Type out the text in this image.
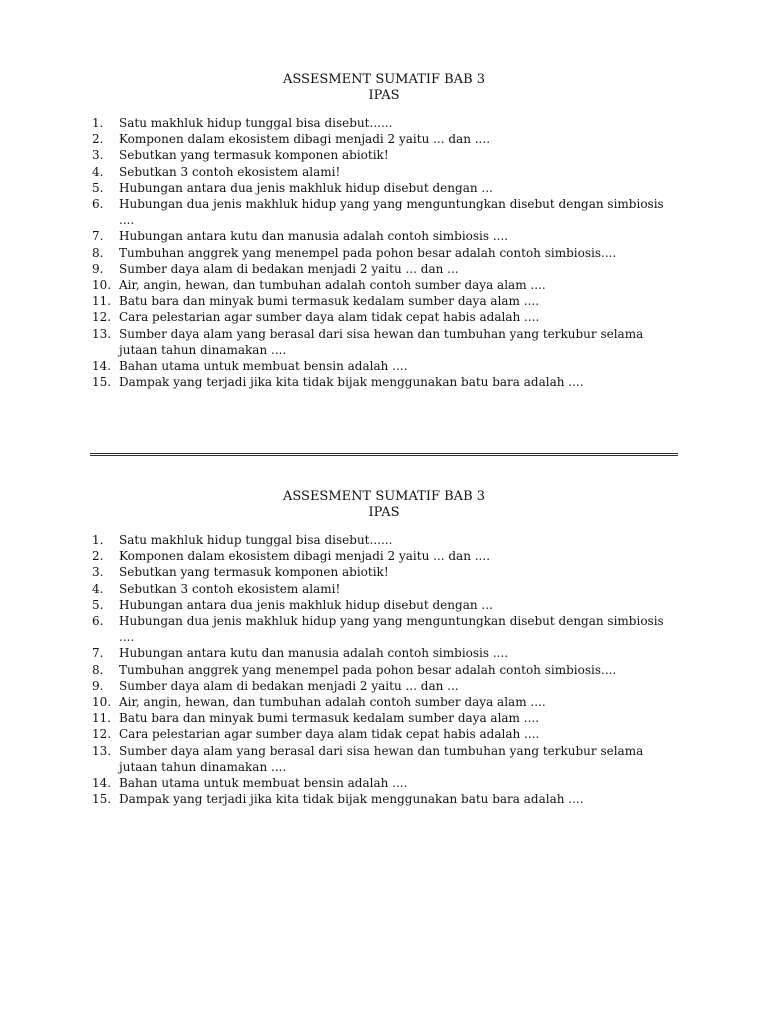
ASSESMENT SUMATIF BAB 3

IPAS

1.	Satu makhluk hidup tunggal bisa disebut......
2.	Komponen dalam ekosistem dibagi menjadi 2 yaitu ... dan ....
3.	Sebutkan yang termasuk komponen abiotik!
4.	Sebutkan 3 contoh ekosistem alami!
5.	Hubungan antara dua jenis makhluk hidup disebut dengan ...
6.	Hubungan dua jenis makhluk hidup yang yang menguntungkan disebut dengan simbiosis ....
7.	Hubungan antara kutu dan manusia adalah contoh simbiosis ....
8.	Tumbuhan anggrek yang menempel pada pohon besar adalah contoh simbiosis....
9.	Sumber daya alam di bedakan menjadi 2 yaitu ... dan ...
10. Air, angin, hewan, dan tumbuhan adalah contoh sumber daya alam ....
11. Batu bara dan minyak bumi termasuk kedalam sumber daya alam ....
12. Cara pelestarian agar sumber daya alam tidak cepat habis adalah ....
13. Sumber daya alam yang berasal dari sisa hewan dan tumbuhan yang terkubur selama jutaan tahun dinamakan ....
14. Bahan utama untuk membuat bensin adalah ....
15. Dampak yang terjadi jika kita tidak bijak menggunakan batu bara adalah ....

ASSESMENT SUMATIF BAB 3

IPAS

1.	Satu makhluk hidup tunggal bisa disebut......
2.	Komponen dalam ekosistem dibagi menjadi 2 yaitu ... dan ....
3.	Sebutkan yang termasuk komponen abiotik!
4.	Sebutkan 3 contoh ekosistem alami!
5.	Hubungan antara dua jenis makhluk hidup disebut dengan ...
6.	Hubungan dua jenis makhluk hidup yang yang menguntungkan disebut dengan simbiosis ....
7.	Hubungan antara kutu dan manusia adalah contoh simbiosis ....
8.	Tumbuhan anggrek yang menempel pada pohon besar adalah contoh simbiosis....
9.	Sumber daya alam di bedakan menjadi 2 yaitu ... dan ...
10. Air, angin, hewan, dan tumbuhan adalah contoh sumber daya alam ....
11. Batu bara dan minyak bumi termasuk kedalam sumber daya alam ....
12. Cara pelestarian agar sumber daya alam tidak cepat habis adalah ....
13. Sumber daya alam yang berasal dari sisa hewan dan tumbuhan yang terkubur selama jutaan tahun dinamakan ....
14. Bahan utama untuk membuat bensin adalah ....
15. Dampak yang terjadi jika kita tidak bijak menggunakan batu bara adalah ....
